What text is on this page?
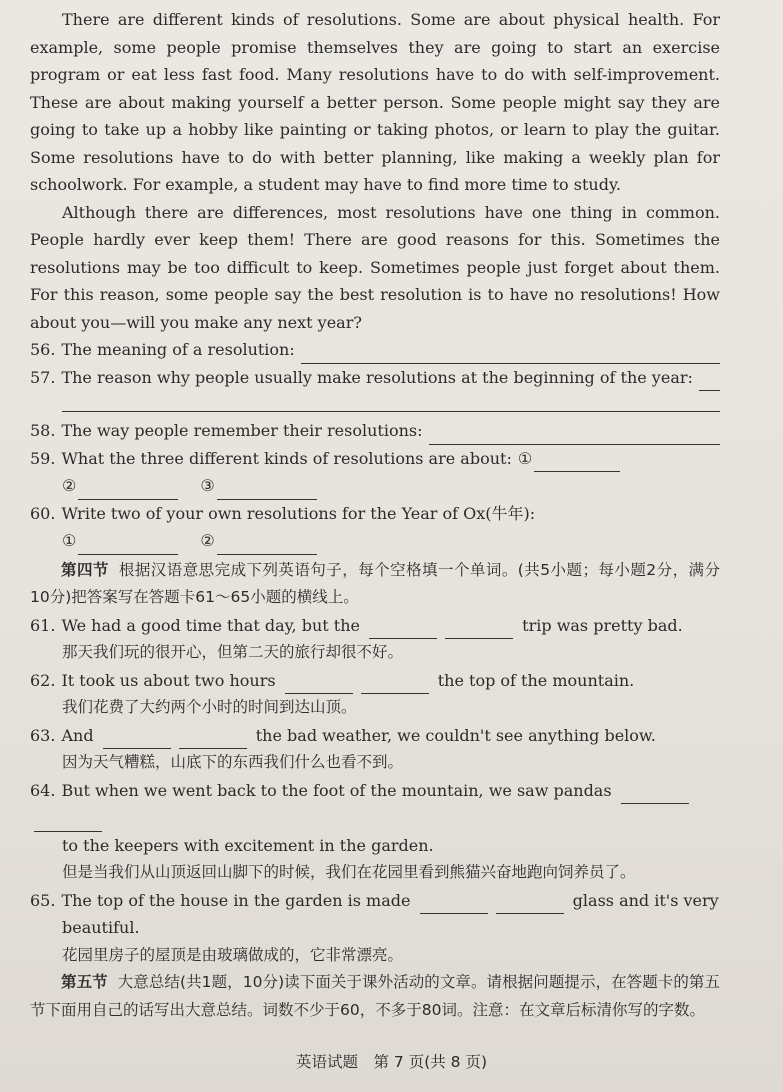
There are different kinds of resolutions. Some are about physical health. For example, some people promise themselves they are going to start an exercise program or eat less fast food. Many resolutions have to do with self-improvement. These are about making yourself a better person. Some people might say they are going to take up a hobby like painting or taking photos, or learn to play the guitar. Some resolutions have to do with better planning, like making a weekly plan for schoolwork. For example, a student may have to find more time to study.

Although there are differences, most resolutions have one thing in common. People hardly ever keep them! There are good reasons for this. Sometimes the resolutions may be too difficult to keep. Sometimes people just forget about them. For this reason, some people say the best resolution is to have no resolutions! How about you—will you make any next year?

56. The meaning of a resolution:
57. The reason why people usually make resolutions at the beginning of the year:
58. The way people remember their resolutions:
59. What the three different kinds of resolutions are about: ①
②	③
60. Write two of your own resolutions for the Year of Ox(牛年):
①	②

第四节 根据汉语意思完成下列英语句子，每个空格填一个单词。(共5小题；每小题2分，满分10分)把答案写在答题卡61～65小题的横线上。

61. We had a good time that day, but the	trip was pretty bad.

那天我们玩的很开心，但第二天的旅行却很不好。

62. It took us about two hours	the top of the mountain.

我们花费了大约两个小时的时间到达山顶。

63. And	the bad weather, we couldn't see anything below.

因为天气糟糕，山底下的东西我们什么也看不到。

64. But when we went back to the foot of the mountain, we saw pandas

to the keepers with excitement in the garden.

但是当我们从山顶返回山脚下的时候，我们在花园里看到熊猫兴奋地跑向饲养员了。

65. The top of the house in the garden is made	glass and it's very

beautiful.

花园里房子的屋顶是由玻璃做成的，它非常漂亮。

第五节 大意总结(共1题，10分)读下面关于课外活动的文章。请根据问题提示，在答题卡的第五节下面用自己的话写出大意总结。词数不少于60，不多于80词。注意：在文章后标清你写的字数。

英语试题　第 7 页(共 8 页)
